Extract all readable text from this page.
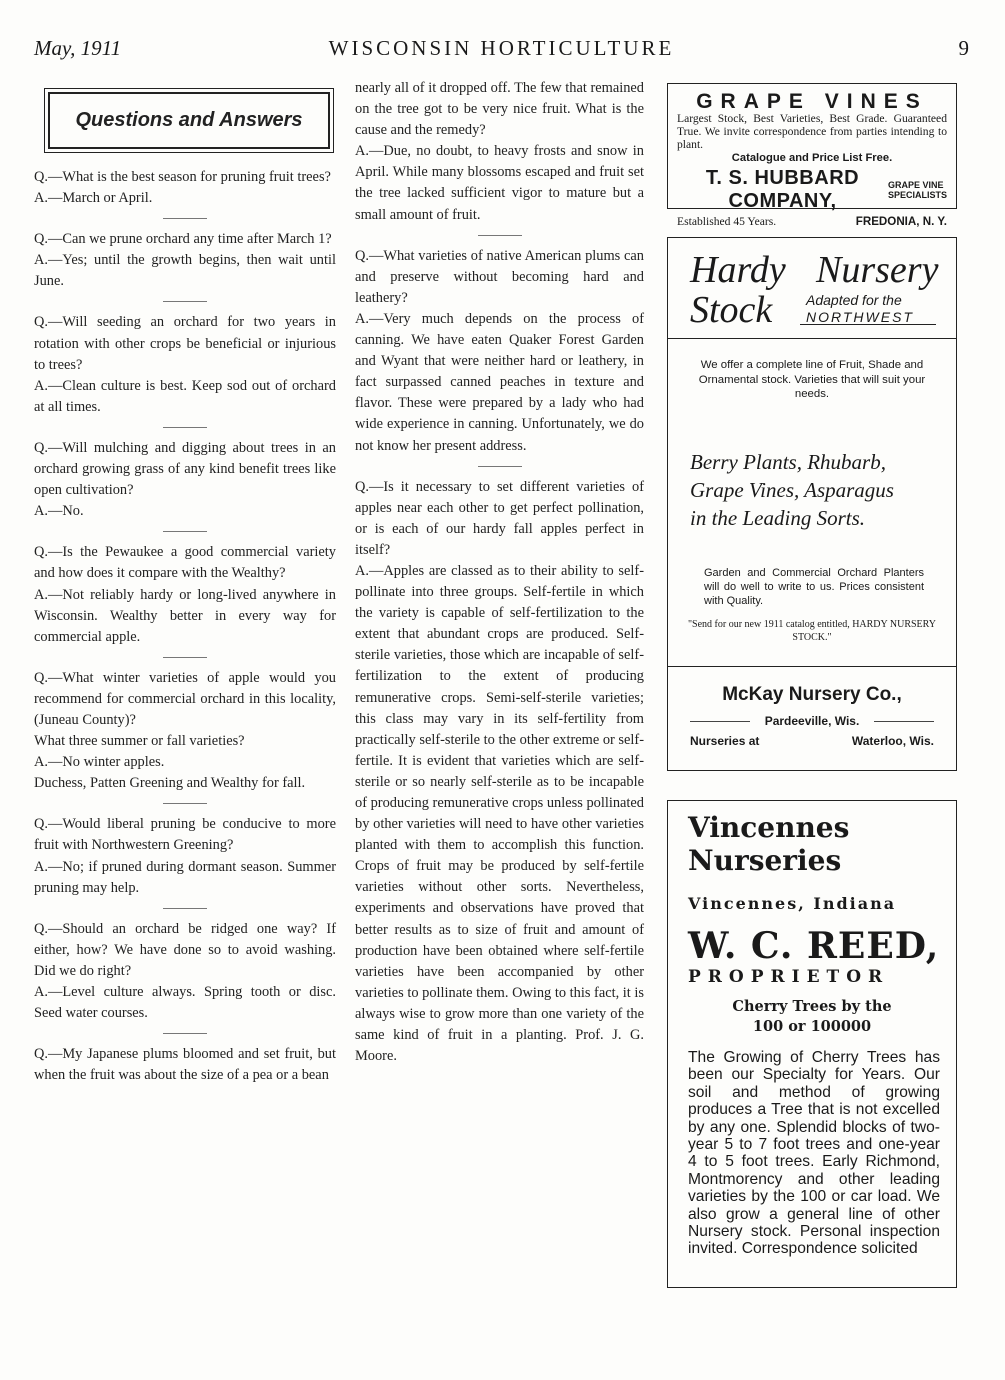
May, 1911	WISCONSIN HORTICULTURE	9
Questions and Answers
Q.—What is the best season for pruning fruit trees?
A.—March or April.
Q.—Can we prune orchard any time after March 1?
A.—Yes; until the growth begins, then wait until June.
Q.—Will seeding an orchard for two years in rotation with other crops be beneficial or injurious to trees?
A.—Clean culture is best. Keep sod out of orchard at all times.
Q.—Will mulching and digging about trees in an orchard growing grass of any kind benefit trees like open cultivation?
A.—No.
Q.—Is the Pewaukee a good commercial variety and how does it compare with the Wealthy?
A.—Not reliably hardy or long-lived anywhere in Wisconsin. Wealthy better in every way for commercial apple.
Q.—What winter varieties of apple would you recommend for commercial orchard in this locality, (Juneau County)?
What three summer or fall varieties?
A.—No winter apples.
Duchess, Patten Greening and Wealthy for fall.
Q.—Would liberal pruning be conducive to more fruit with Northwestern Greening?
A.—No; if pruned during dormant season. Summer pruning may help.
Q.—Should an orchard be ridged one way? If either, how? We have done so to avoid washing. Did we do right?
A.—Level culture always. Spring tooth or disc. Seed water courses.
Q.—My Japanese plums bloomed and set fruit, but when the fruit was about the size of a pea or a bean
nearly all of it dropped off. The few that remained on the tree got to be very nice fruit. What is the cause and the remedy?
A.—Due, no doubt, to heavy frosts and snow in April. While many blossoms escaped and fruit set the tree lacked sufficient vigor to mature but a small amount of fruit.
Q.—What varieties of native American plums can and preserve without becoming hard and leathery?
A.—Very much depends on the process of canning. We have eaten Quaker Forest Garden and Wyant that were neither hard or leathery, in fact surpassed canned peaches in texture and flavor. These were prepared by a lady who had wide experience in canning. Unfortunately, we do not know her present address.
Q.—Is it necessary to set different varieties of apples near each other to get perfect pollination, or is each of our hardy fall apples perfect in itself?
A.—Apples are classed as to their ability to self-pollinate into three groups. Self-fertile in which the variety is capable of self-fertilization to the extent that abundant crops are produced. Self-sterile varieties, those which are incapable of self-fertilization to the extent of producing remunerative crops. Semi-self-sterile varieties; this class may vary in its self-fertility from practically self-sterile to the other extreme or self-fertile. It is evident that varieties which are self-sterile or so nearly self-sterile as to be incapable of producing remunerative crops unless pollinated by other varieties will need to have other varieties planted with them to accomplish this function. Crops of fruit may be produced by self-fertile varieties without other sorts. Nevertheless, experiments and observations have proved that better results as to size of fruit and amount of production have been obtained where self-fertile varieties have been accompanied by other varieties to pollinate them. Owing to this fact, it is always wise to grow more than one variety of the same kind of fruit in a planting. Prof. J. G. Moore.
GRAPE VINES
Largest Stock, Best Varieties, Best Grade. Guaranteed True. We invite correspondence from parties intending to plant.
Catalogue and Price List Free.
T. S. HUBBARD COMPANY,
GRAPE VINE
SPECIALISTS
Established 45 Years.	FREDONIA, N. Y.
Hardy Nursery
Stock Adapted for the
NORTHWEST
We offer a complete line of Fruit, Shade and Ornamental stock. Varieties that will suit your needs.
Berry Plants, Rhubarb,
Grape Vines, Asparagus
in the Leading Sorts.
Garden and Commercial Orchard Planters will do well to write to us. Prices consistent with Quality.
"Send for our new 1911 catalog entitled, HARDY NURSERY STOCK."
McKay Nursery Co.,
Pardeeville, Wis.
Nurseries at	Waterloo, Wis.
Vincennes
Nurseries
Vincennes, Indiana
W. C. REED,
PROPRIETOR
Cherry Trees by the
100 or 100000
The Growing of Cherry Trees has been our Specialty for Years. Our soil and method of growing produces a Tree that is not excelled by any one. Splendid blocks of two-year 5 to 7 foot trees and one-year 4 to 5 foot trees. Early Richmond, Montmorency and other leading varieties by the 100 or car load. We also grow a general line of other Nursery stock. Personal inspection invited. Correspondence solicited
